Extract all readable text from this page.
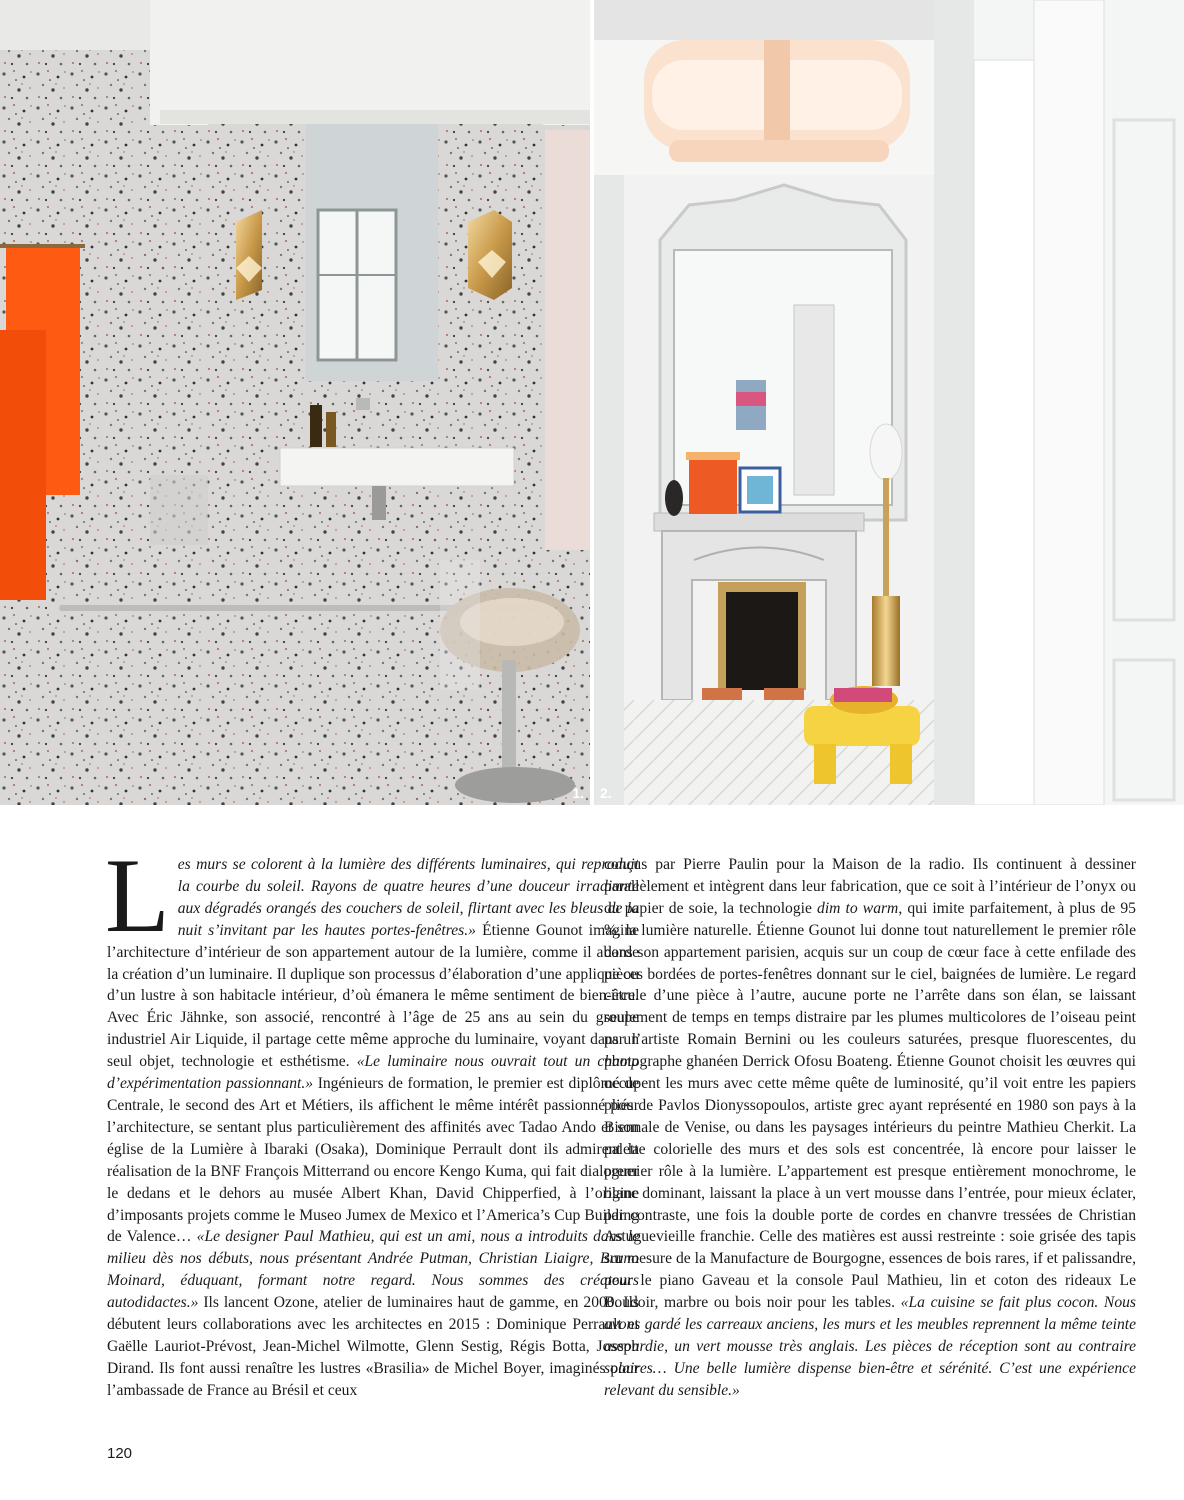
1. 2.

Les murs se colorent à la lumière des différents luminaires, qui reproduit la courbe du soleil. Rayons de quatre heures d’une douceur irradiante aux dégradés orangés des couchers de soleil, flirtant avec les bleus de la nuit s’invitant par les hautes portes-fenêtres.» Étienne Gounot imagine l’architecture d’intérieur de son appartement autour de la lumière, comme il aborde la création d’un luminaire. Il duplique son processus d’élaboration d’une applique ou d’un lustre à son habitacle intérieur, d’où émanera le même sentiment de bien-être. Avec Éric Jähnke, son associé, rencontré à l’âge de 25 ans au sein du groupe industriel Air Liquide, il partage cette même approche du luminaire, voyant dans un seul objet, technologie et esthétisme. «Le luminaire nous ouvrait tout un champ d’expérimentation passionnant.» Ingénieurs de formation, le premier est diplômé de Centrale, le second des Art et Métiers, ils affichent le même intérêt passionné pour l’architecture, se sentant plus particulièrement des affinités avec Tadao Ando et son église de la Lumière à Ibaraki (Osaka), Dominique Perrault dont ils admirent la réalisation de la BNF François Mitterrand ou encore Kengo Kuma, qui fait dialoguer le dedans et le dehors au musée Albert Khan, David Chipperfied, à l’origine d’imposants projets comme le Museo Jumex de Mexico et l’America’s Cup Building de Valence… «Le designer Paul Mathieu, qui est un ami, nous a introduits dans le milieu dès nos débuts, nous présentant Andrée Putman, Christian Liaigre, Bruno Moinard, éduquant, formant notre regard. Nous sommes des créateurs autodidactes.» Ils lancent Ozone, atelier de luminaires haut de gamme, en 2000. Ils débutent leurs collaborations avec les architectes en 2015 : Dominique Perrault et Gaëlle Lauriot-Prévost, Jean-Michel Wilmotte, Glenn Sestig, Régis Botta, Joseph Dirand. Ils font aussi renaître les lustres «Brasilia» de Michel Boyer, imaginés pour l’ambassade de France au Brésil et ceux

conçus par Pierre Paulin pour la Maison de la radio. Ils continuent à dessiner parallèlement et intègrent dans leur fabrication, que ce soit à l’intérieur de l’onyx ou du papier de soie, la technologie dim to warm, qui imite parfaitement, à plus de 95 %, la lumière naturelle. Étienne Gounot lui donne tout naturellement le premier rôle dans son appartement parisien, acquis sur un coup de cœur face à cette enfilade des pièces bordées de portes-fenêtres donnant sur le ciel, baignées de lumière. Le regard circule d’une pièce à l’autre, aucune porte ne l’arrête dans son élan, se laissant seulement de temps en temps distraire par les plumes multicolores de l’oiseau peint par l’artiste Romain Bernini ou les couleurs saturées, presque fluorescentes, du photographe ghanéen Derrick Ofosu Boateng. Étienne Gounot choisit les œuvres qui occupent les murs avec cette même quête de luminosité, qu’il voit entre les papiers pliés de Pavlos Dionyssopoulos, artiste grec ayant représenté en 1980 son pays à la Biennale de Venise, ou dans les paysages intérieurs du peintre Mathieu Cherkit. La palette colorielle des murs et des sols est concentrée, là encore pour laisser le premier rôle à la lumière. L’appartement est presque entièrement monochrome, le blanc dominant, laissant la place à un vert mousse dans l’entrée, pour mieux éclater, par contraste, une fois la double porte de cordes en chanvre tressées de Christian Astuguevieille franchie. Celle des matières est aussi restreinte : soie grisée des tapis sur mesure de la Manufacture de Bourgogne, essences de bois rares, if et palissandre, pour le piano Gaveau et la console Paul Mathieu, lin et coton des rideaux Le Boudoir, marbre ou bois noir pour les tables. «La cuisine se fait plus cocon. Nous avons gardé les carreaux anciens, les murs et les meubles reprennent la même teinte assourdie, un vert mousse très anglais. Les pièces de réception sont au contraire solaires… Une belle lumière dispense bien-être et sérénité. C’est une expérience relevant du sensible.»

120
